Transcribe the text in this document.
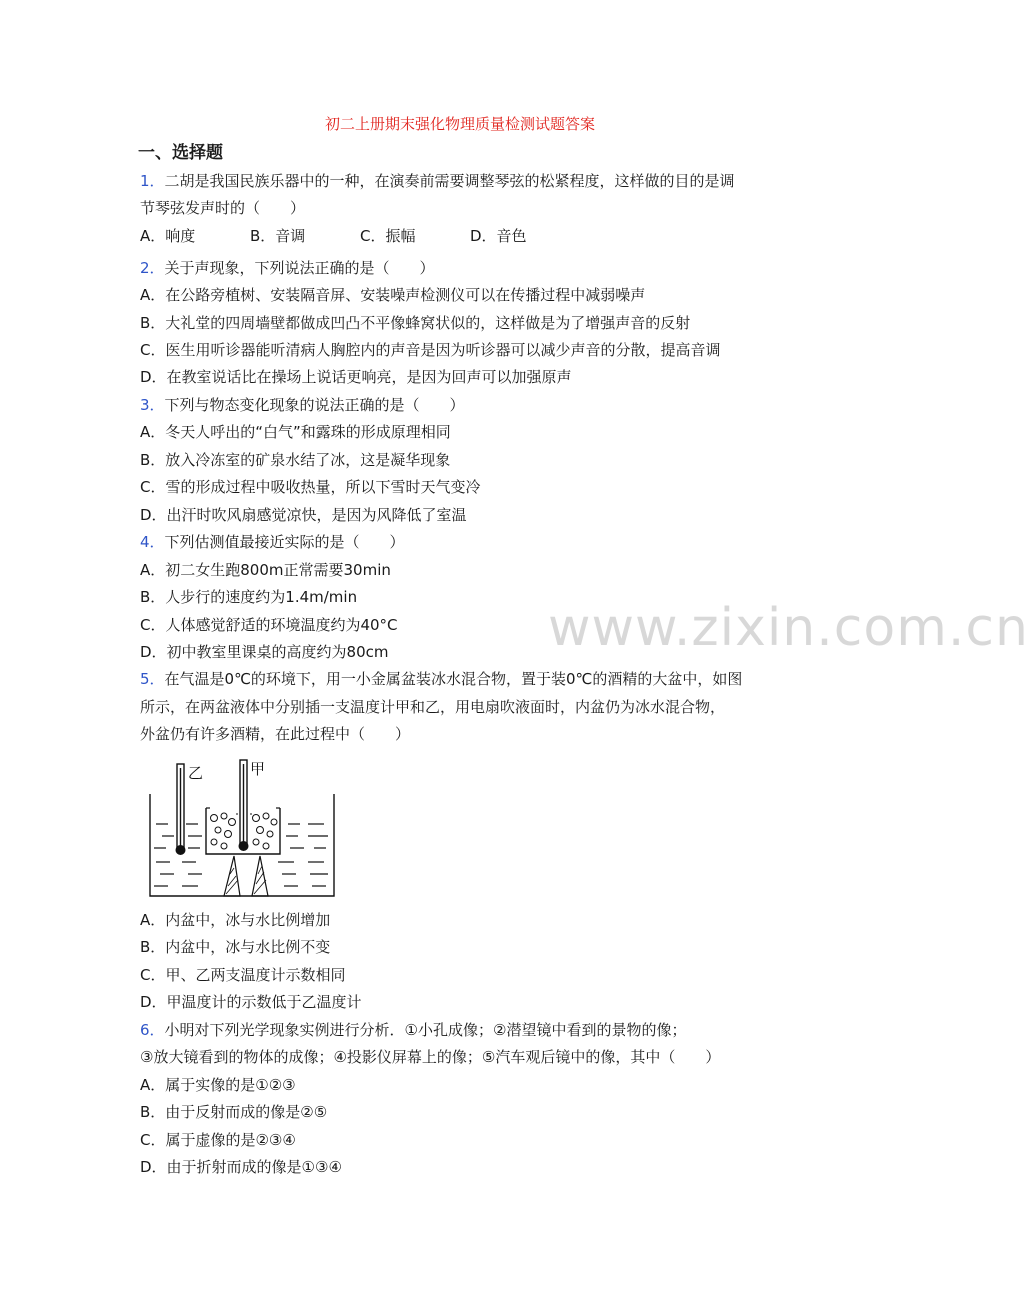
初二上册期末强化物理质量检测试题答案
一、选择题
www.zixin.com.cn
1．二胡是我国民族乐器中的一种，在演奏前需要调整琴弦的松紧程度，这样做的目的是调
节琴弦发声时的（　　）
A．响度	B．音调	C．振幅	D．音色
2．关于声现象，下列说法正确的是（　　）
A．在公路旁植树、安装隔音屏、安装噪声检测仪可以在传播过程中减弱噪声
B．大礼堂的四周墙壁都做成凹凸不平像蜂窝状似的，这样做是为了增强声音的反射
C．医生用听诊器能听清病人胸腔内的声音是因为听诊器可以减少声音的分散，提高音调
D．在教室说话比在操场上说话更响亮，是因为回声可以加强原声
3．下列与物态变化现象的说法正确的是（　　）
A．冬天人呼出的“白气”和露珠的形成原理相同
B．放入冷冻室的矿泉水结了冰，这是凝华现象
C．雪的形成过程中吸收热量，所以下雪时天气变冷
D．出汗时吹风扇感觉凉快，是因为风降低了室温
4．下列估测值最接近实际的是（　　）
A．初二女生跑800m正常需要30min
B．人步行的速度约为1.4m/min
C．人体感觉舒适的环境温度约为40°C
D．初中教室里课桌的高度约为80cm
5．在气温是0℃的环境下，用一小金属盆装冰水混合物，置于装0℃的酒精的大盆中，如图
所示，在两盆液体中分别插一支温度计甲和乙，用电扇吹液面时，内盆仍为冰水混合物，
外盆仍有许多酒精，在此过程中（　　）
乙	甲
A．内盆中，冰与水比例增加
B．内盆中，冰与水比例不变
C．甲、乙两支温度计示数相同
D．甲温度计的示数低于乙温度计
6．小明对下列光学现象实例进行分析．①小孔成像；②潜望镜中看到的景物的像；
③放大镜看到的物体的成像；④投影仪屏幕上的像；⑤汽车观后镜中的像，其中（　　）
A．属于实像的是①②③
B．由于反射而成的像是②⑤
C．属于虚像的是②③④
D．由于折射而成的像是①③④
